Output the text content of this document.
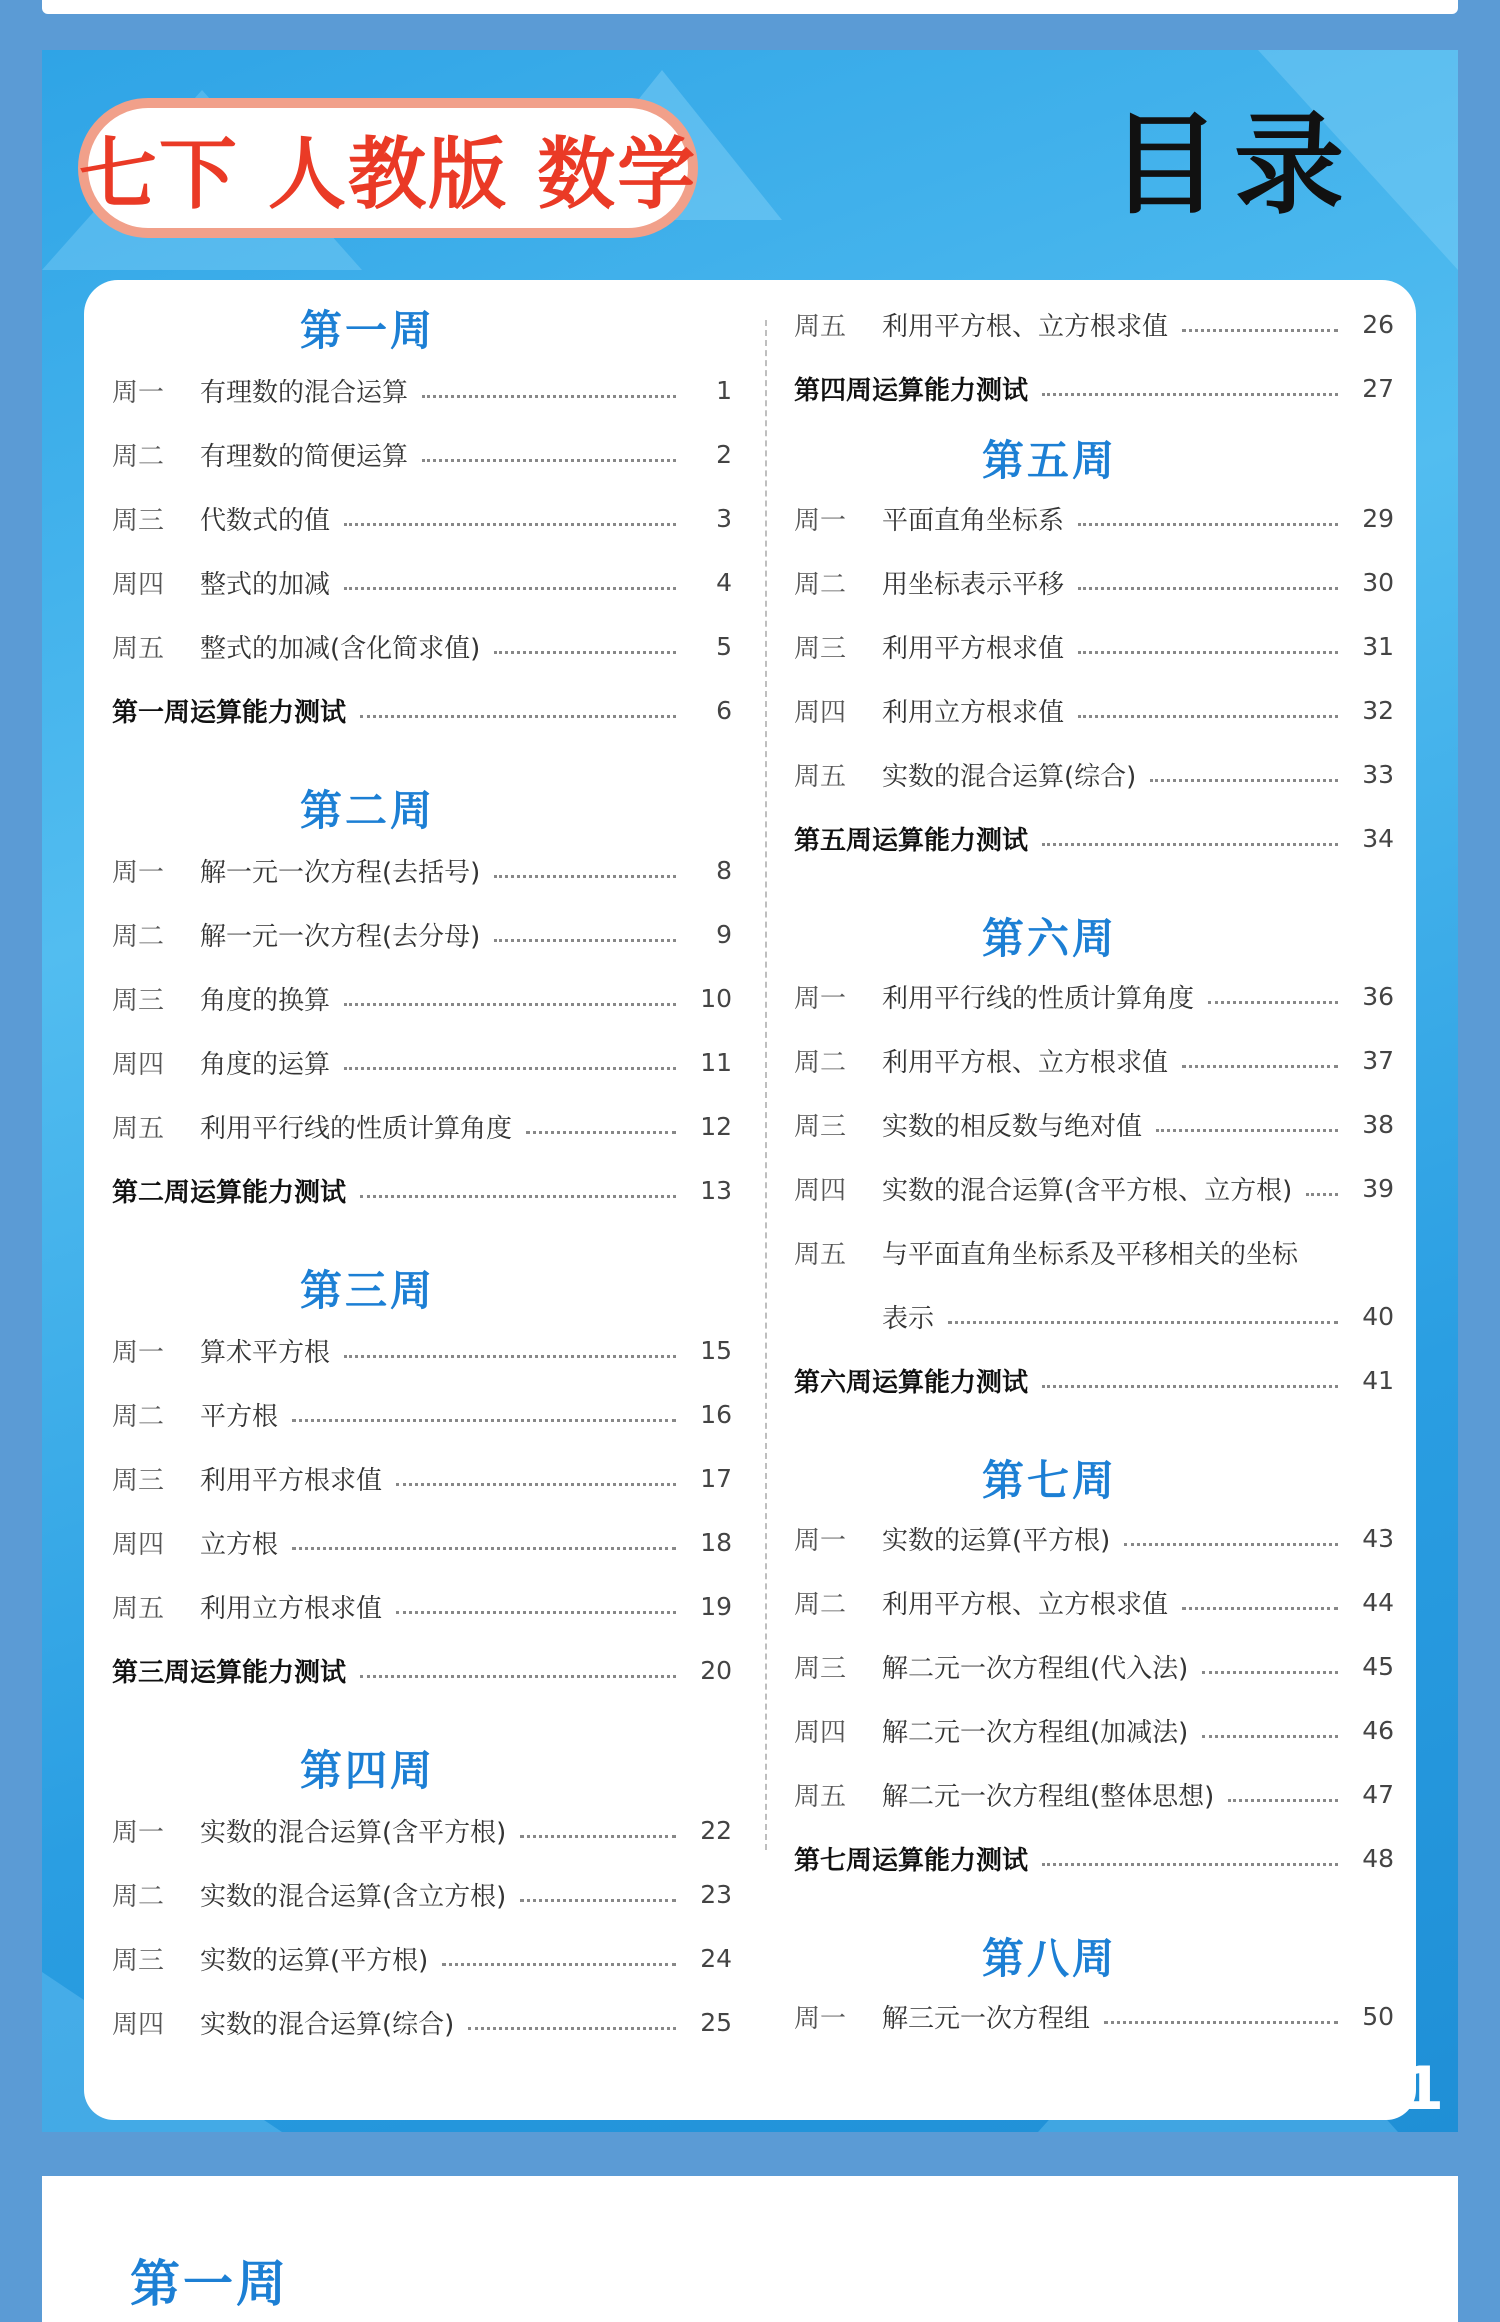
七下 人教版 数学	目录
第一周
周一	有理数的混合运算	1
周二	有理数的简便运算	2
周三	代数式的值	3
周四	整式的加减	4
周五	整式的加减(含化简求值)	5
第一周运算能力测试	6
第二周
周一	解一元一次方程(去括号)	8
周二	解一元一次方程(去分母)	9
周三	角度的换算	10
周四	角度的运算	11
周五	利用平行线的性质计算角度	12
第二周运算能力测试	13
第三周
周一	算术平方根	15
周二	平方根	16
周三	利用平方根求值	17
周四	立方根	18
周五	利用立方根求值	19
第三周运算能力测试	20
第四周
周一	实数的混合运算(含平方根)	22
周二	实数的混合运算(含立方根)	23
周三	实数的运算(平方根)	24
周四	实数的混合运算(综合)	25
周五	利用平方根、立方根求值	26
第四周运算能力测试	27
第五周
周一	平面直角坐标系	29
周二	用坐标表示平移	30
周三	利用平方根求值	31
周四	利用立方根求值	32
周五	实数的混合运算(综合)	33
第五周运算能力测试	34
第六周
周一	利用平行线的性质计算角度	36
周二	利用平方根、立方根求值	37
周三	实数的相反数与绝对值	38
周四	实数的混合运算(含平方根、立方根)	39
周五	与平面直角坐标系及平移相关的坐标
表示	40
第六周运算能力测试	41
第七周
周一	实数的运算(平方根)	43
周二	利用平方根、立方根求值	44
周三	解二元一次方程组(代入法)	45
周四	解二元一次方程组(加减法)	46
周五	解二元一次方程组(整体思想)	47
第七周运算能力测试	48
第八周
周一	解三元一次方程组	50
1
第一周
